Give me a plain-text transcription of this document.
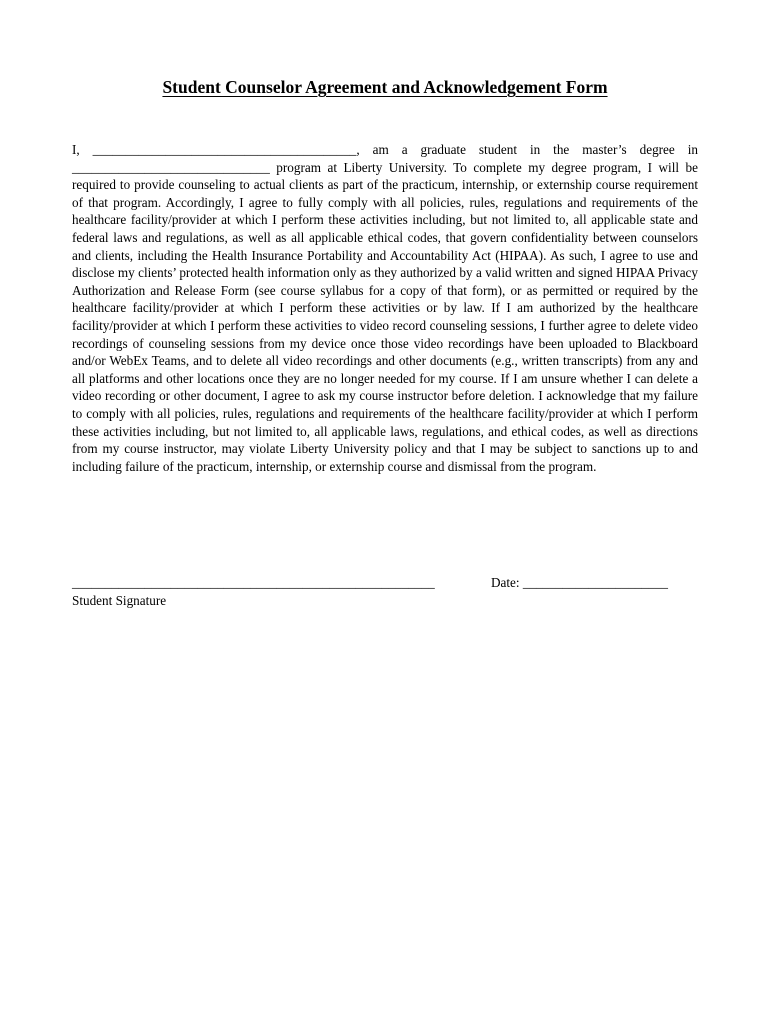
Student Counselor Agreement and Acknowledgement Form

I, ________________________________________, am a graduate student in the master’s degree in ______________________________ program at Liberty University. To complete my degree program, I will be required to provide counseling to actual clients as part of the practicum, internship, or externship course requirement of that program. Accordingly, I agree to fully comply with all policies, rules, regulations and requirements of the healthcare facility/provider at which I perform these activities including, but not limited to, all applicable state and federal laws and regulations, as well as all applicable ethical codes, that govern confidentiality between counselors and clients, including the Health Insurance Portability and Accountability Act (HIPAA). As such, I agree to use and disclose my clients’ protected health information only as they authorized by a valid written and signed HIPAA Privacy Authorization and Release Form (see course syllabus for a copy of that form), or as permitted or required by the healthcare facility/provider at which I perform these activities or by law. If I am authorized by the healthcare facility/provider at which I perform these activities to video record counseling sessions, I further agree to delete video recordings of counseling sessions from my device once those video recordings have been uploaded to Blackboard and/or WebEx Teams, and to delete all video recordings and other documents (e.g., written transcripts) from any and all platforms and other locations once they are no longer needed for my course. If I am unsure whether I can delete a video recording or other document, I agree to ask my course instructor before deletion. I acknowledge that my failure to comply with all policies, rules, regulations and requirements of the healthcare facility/provider at which I perform these activities including, but not limited to, all applicable laws, regulations, and ethical codes, as well as directions from my course instructor, may violate Liberty University policy and that I may be subject to sanctions up to and including failure of the practicum, internship, or externship course and dismissal from the program.

_______________________________________________________	Date: ______________________

Student Signature
